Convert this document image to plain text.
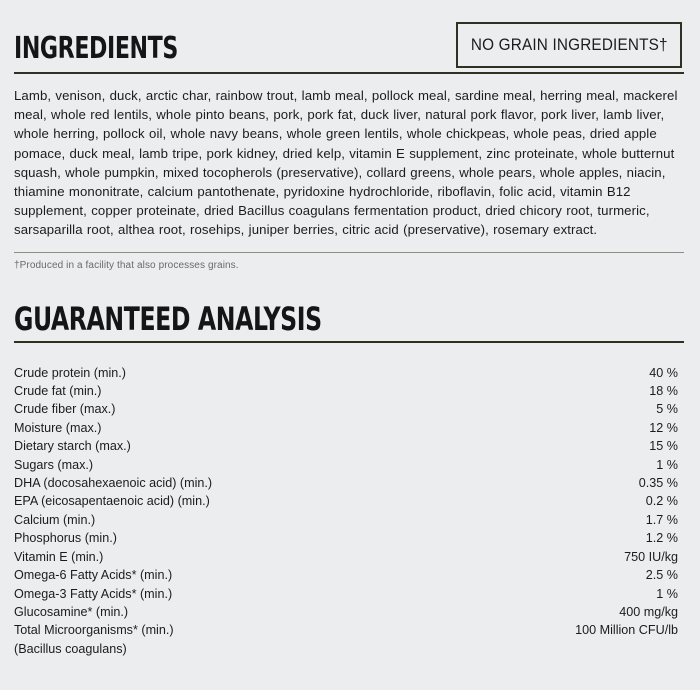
INGREDIENTS	NO GRAIN INGREDIENTS†

Lamb, venison, duck, arctic char, rainbow trout, lamb meal, pollock meal, sardine meal, herring meal, mackerel meal, whole red lentils, whole pinto beans, pork, pork fat, duck liver, natural pork flavor, pork liver, lamb liver, whole herring, pollock oil, whole navy beans, whole green lentils, whole chickpeas, whole peas, dried apple pomace, duck meal, lamb tripe, pork kidney, dried kelp, vitamin E supplement, zinc proteinate, whole butternut squash, whole pumpkin, mixed tocopherols (preservative), collard greens, whole pears, whole apples, niacin, thiamine mononitrate, calcium pantothenate, pyridoxine hydrochloride, riboflavin, folic acid, vitamin B12 supplement, copper proteinate, dried Bacillus coagulans fermentation product, dried chicory root, turmeric, sarsaparilla root, althea root, rosehips, juniper berries, citric acid (preservative), rosemary extract.

†Produced in a facility that also processes grains.
GUARANTEED ANALYSIS
Crude protein (min.)	40 %
Crude fat (min.)	18 %
Crude fiber (max.)	5 %
Moisture (max.)	12 %
Dietary starch (max.)	15 %
Sugars (max.)	1 %
DHA (docosahexaenoic acid) (min.)	0.35 %
EPA (eicosapentaenoic acid) (min.)	0.2 %
Calcium (min.)	1.7 %
Phosphorus (min.)	1.2 %
Vitamin E (min.)	750 IU/kg
Omega-6 Fatty Acids* (min.)	2.5 %
Omega-3 Fatty Acids* (min.)	1 %
Glucosamine* (min.)	400 mg/kg
Total Microorganisms* (min.)	100 Million CFU/lb
(Bacillus coagulans)
